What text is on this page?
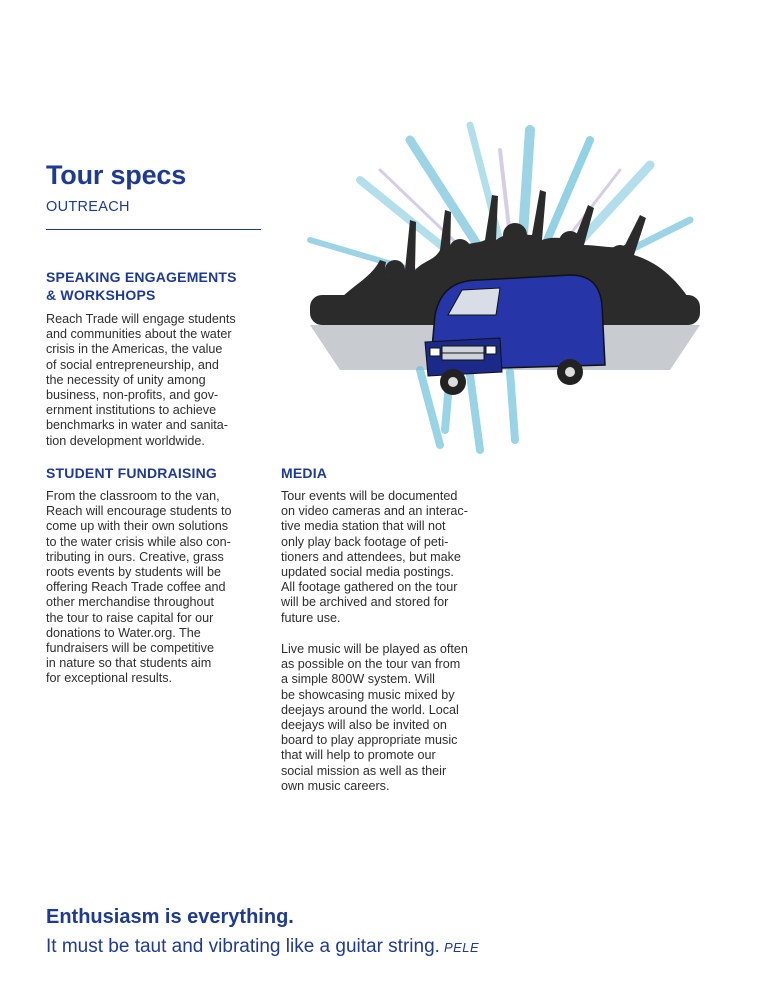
Tour specs

OUTREACH

SPEAKING ENGAGEMENTS
& WORKSHOPS

Reach Trade will engage students
and communities about the water
crisis in the Americas, the value
of social entrepreneurship, and
the necessity of unity among
business, non-profits, and gov-
ernment institutions to achieve
benchmarks in water and sanita-
tion development worldwide.

STUDENT FUNDRAISING

From the classroom to the van,
Reach will encourage students to
come up with their own solutions
to the water crisis while also con-
tributing in ours. Creative, grass
roots events by students will be
offering Reach Trade coffee and
other merchandise throughout
the tour to raise capital for our
donations to Water.org. The
fundraisers will be competitive
in nature so that students aim
for exceptional results.

MEDIA

Tour events will be documented
on video cameras and an interac-
tive media station that will not
only play back footage of peti-
tioners and attendees, but make
updated social media postings.
All footage gathered on the tour
will be archived and stored for
future use.

Live music will be played as often
as possible on the tour van from
a simple 800W system. Will
be showcasing music mixed by
deejays around the world. Local
deejays will also be invited on
board to play appropriate music
that will help to promote our
social mission as well as their
own music careers.

Enthusiasm is everything.

It must be taut and vibrating like a guitar string. PELE
